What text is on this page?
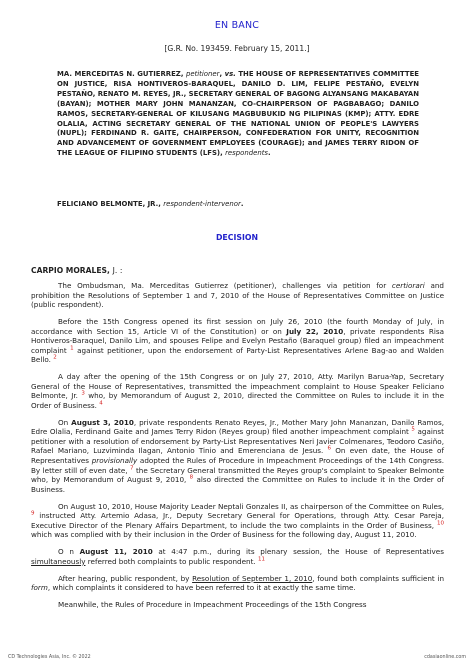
EN BANC
[G.R. No. 193459. February 15, 2011.]
MA. MERCEDITAS N. GUTIERREZ, petitioner, vs. THE HOUSE OF REPRESENTATIVES COMMITTEE ON JUSTICE, RISA HONTIVEROS-BARAQUEL, DANILO D. LIM, FELIPE PESTAÑO, EVELYN PESTAÑO, RENATO M. REYES, JR., SECRETARY GENERAL OF BAGONG ALYANSANG MAKABAYAN (BAYAN); MOTHER MARY JOHN MANANZAN, CO-CHAIRPERSON OF PAGBABAGO; DANILO RAMOS, SECRETARY-GENERAL OF KILUSANG MAGBUBUKID NG PILIPINAS (KMP); ATTY. EDRE OLALIA, ACTING SECRETARY GENERAL OF THE NATIONAL UNION OF PEOPLE'S LAWYERS (NUPL); FERDINAND R. GAITE, CHAIRPERSON, CONFEDERATION FOR UNITY, RECOGNITION AND ADVANCEMENT OF GOVERNMENT EMPLOYEES (COURAGE); and JAMES TERRY RIDON OF THE LEAGUE OF FILIPINO STUDENTS (LFS), respondents.
FELICIANO BELMONTE, JR., respondent-intervenor.
DECISION
CARPIO MORALES, J. :

The Ombudsman, Ma. Merceditas Gutierrez (petitioner), challenges via petition for certiorari and prohibition the Resolutions of September 1 and 7, 2010 of the House of Representatives Committee on Justice (public respondent).

Before the 15th Congress opened its first session on July 26, 2010 (the fourth Monday of July, in accordance with Section 15, Article VI of the Constitution) or on July 22, 2010, private respondents Risa Hontiveros-Baraquel, Danilo Lim, and spouses Felipe and Evelyn Pestaño (Baraquel group) filed an impeachment complaint $^1$ against petitioner, upon the endorsement of Party-List Representatives Arlene Bag-ao and Walden Bello. $^2$

A day after the opening of the 15th Congress or on July 27, 2010, Atty. Marilyn Barua-Yap, Secretary General of the House of Representatives, transmitted the impeachment complaint to House Speaker Feliciano Belmonte, Jr. $^3$ who, by Memorandum of August 2, 2010, directed the Committee on Rules to include it in the Order of Business. $^4$

On August 3, 2010, private respondents Renato Reyes, Jr., Mother Mary John Mananzan, Danilo Ramos, Edre Olalia, Ferdinand Gaite and James Terry Ridon (Reyes group) filed another impeachment complaint $^5$ against petitioner with a resolution of endorsement by Party-List Representatives Neri Javier Colmenares, Teodoro Casiño, Rafael Mariano, Luzviminda Ilagan, Antonio Tinio and Emerenciana de Jesus. $^6$ On even date, the House of Representatives provisionally adopted the Rules of Procedure in Impeachment Proceedings of the 14th Congress. By letter still of even date, $^7$ the Secretary General transmitted the Reyes group's complaint to Speaker Belmonte who, by Memorandum of August 9, 2010, $^8$ also directed the Committee on Rules to include it in the Order of Business.

On August 10, 2010, House Majority Leader Neptali Gonzales II, as chairperson of the Committee on Rules, $^9$ instructed Atty. Artemio Adasa, Jr., Deputy Secretary General for Operations, through Atty. Cesar Pareja, Executive Director of the Plenary Affairs Department, to include the two complaints in the Order of Business, $^{10}$ which was complied with by their inclusion in the Order of Business for the following day, August 11, 2010.

O n August 11, 2010 at 4:47 p.m., during its plenary session, the House of Representatives simultaneously referred both complaints to public respondent. $^{11}$

After hearing, public respondent, by Resolution of September 1, 2010, found both complaints sufficient in form, which complaints it considered to have been referred to it at exactly the same time.

Meanwhile, the Rules of Procedure in Impeachment Proceedings of the 15th Congress

CD Technologies Asia, Inc. © 2022	cdasiaonline.com
